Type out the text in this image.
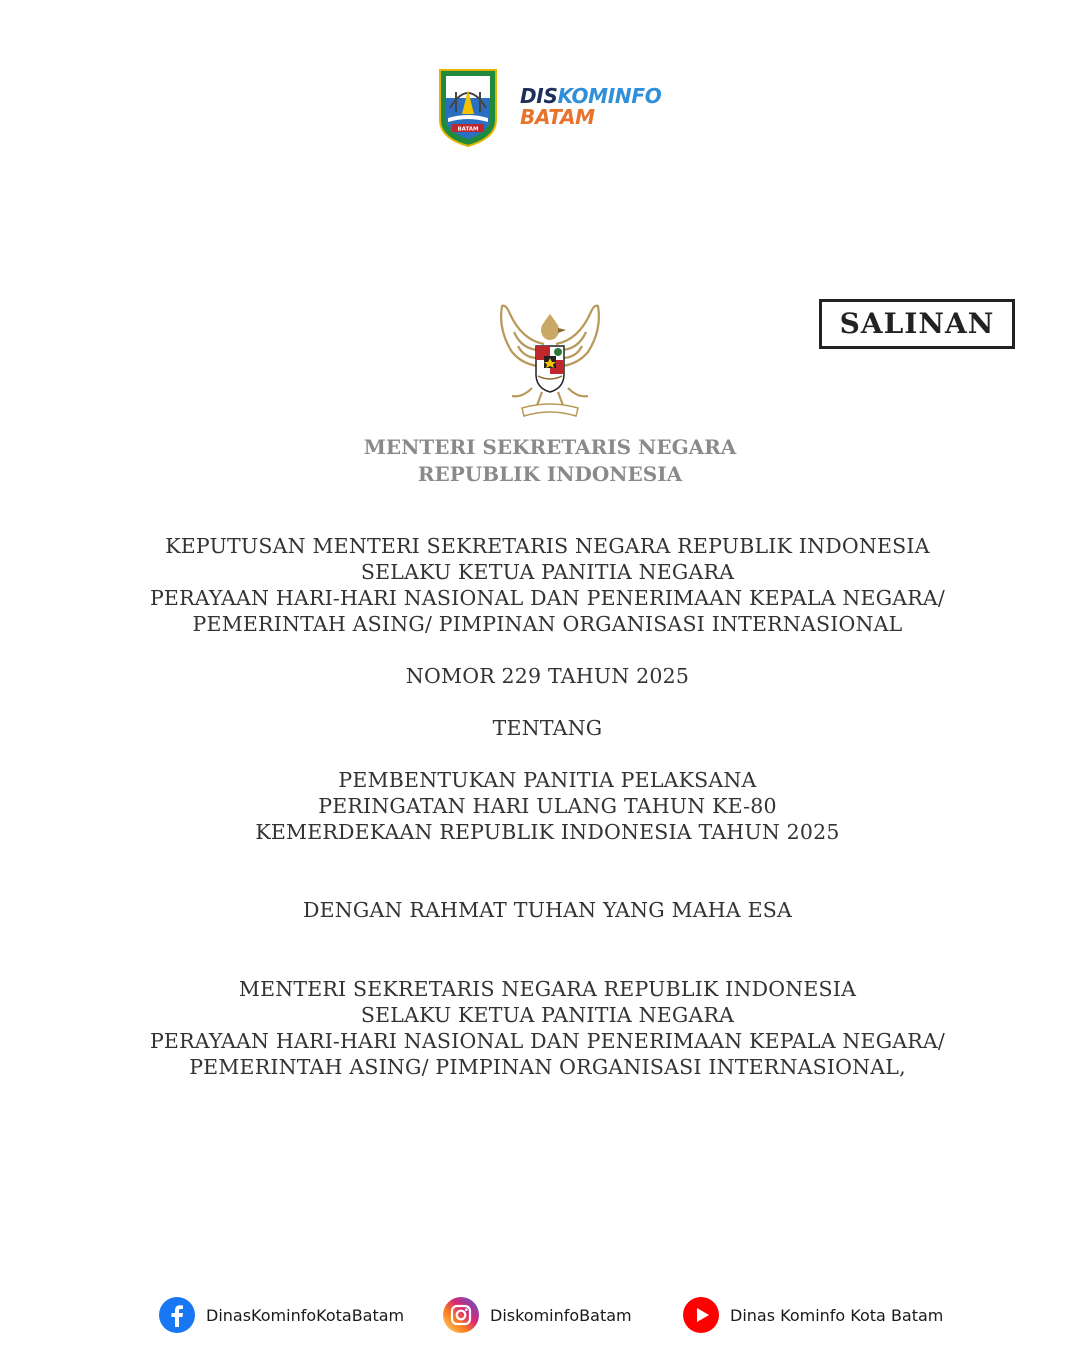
BATAM
DISKOMINFO
BATAM
SALINAN
MENTERI SEKRETARIS NEGARA
REPUBLIK INDONESIA
KEPUTUSAN MENTERI SEKRETARIS NEGARA REPUBLIK INDONESIA
SELAKU KETUA PANITIA NEGARA
PERAYAAN HARI-HARI NASIONAL DAN PENERIMAAN KEPALA NEGARA/
PEMERINTAH ASING/ PIMPINAN ORGANISASI INTERNASIONAL
NOMOR 229 TAHUN 2025
TENTANG
PEMBENTUKAN PANITIA PELAKSANA
PERINGATAN HARI ULANG TAHUN KE-80
KEMERDEKAAN REPUBLIK INDONESIA TAHUN 2025
DENGAN RAHMAT TUHAN YANG MAHA ESA
MENTERI SEKRETARIS NEGARA REPUBLIK INDONESIA
SELAKU KETUA PANITIA NEGARA
PERAYAAN HARI-HARI NASIONAL DAN PENERIMAAN KEPALA NEGARA/
PEMERINTAH ASING/ PIMPINAN ORGANISASI INTERNASIONAL,
DinasKominfoKotaBatam	DiskominfoBatam	Dinas Kominfo Kota Batam
